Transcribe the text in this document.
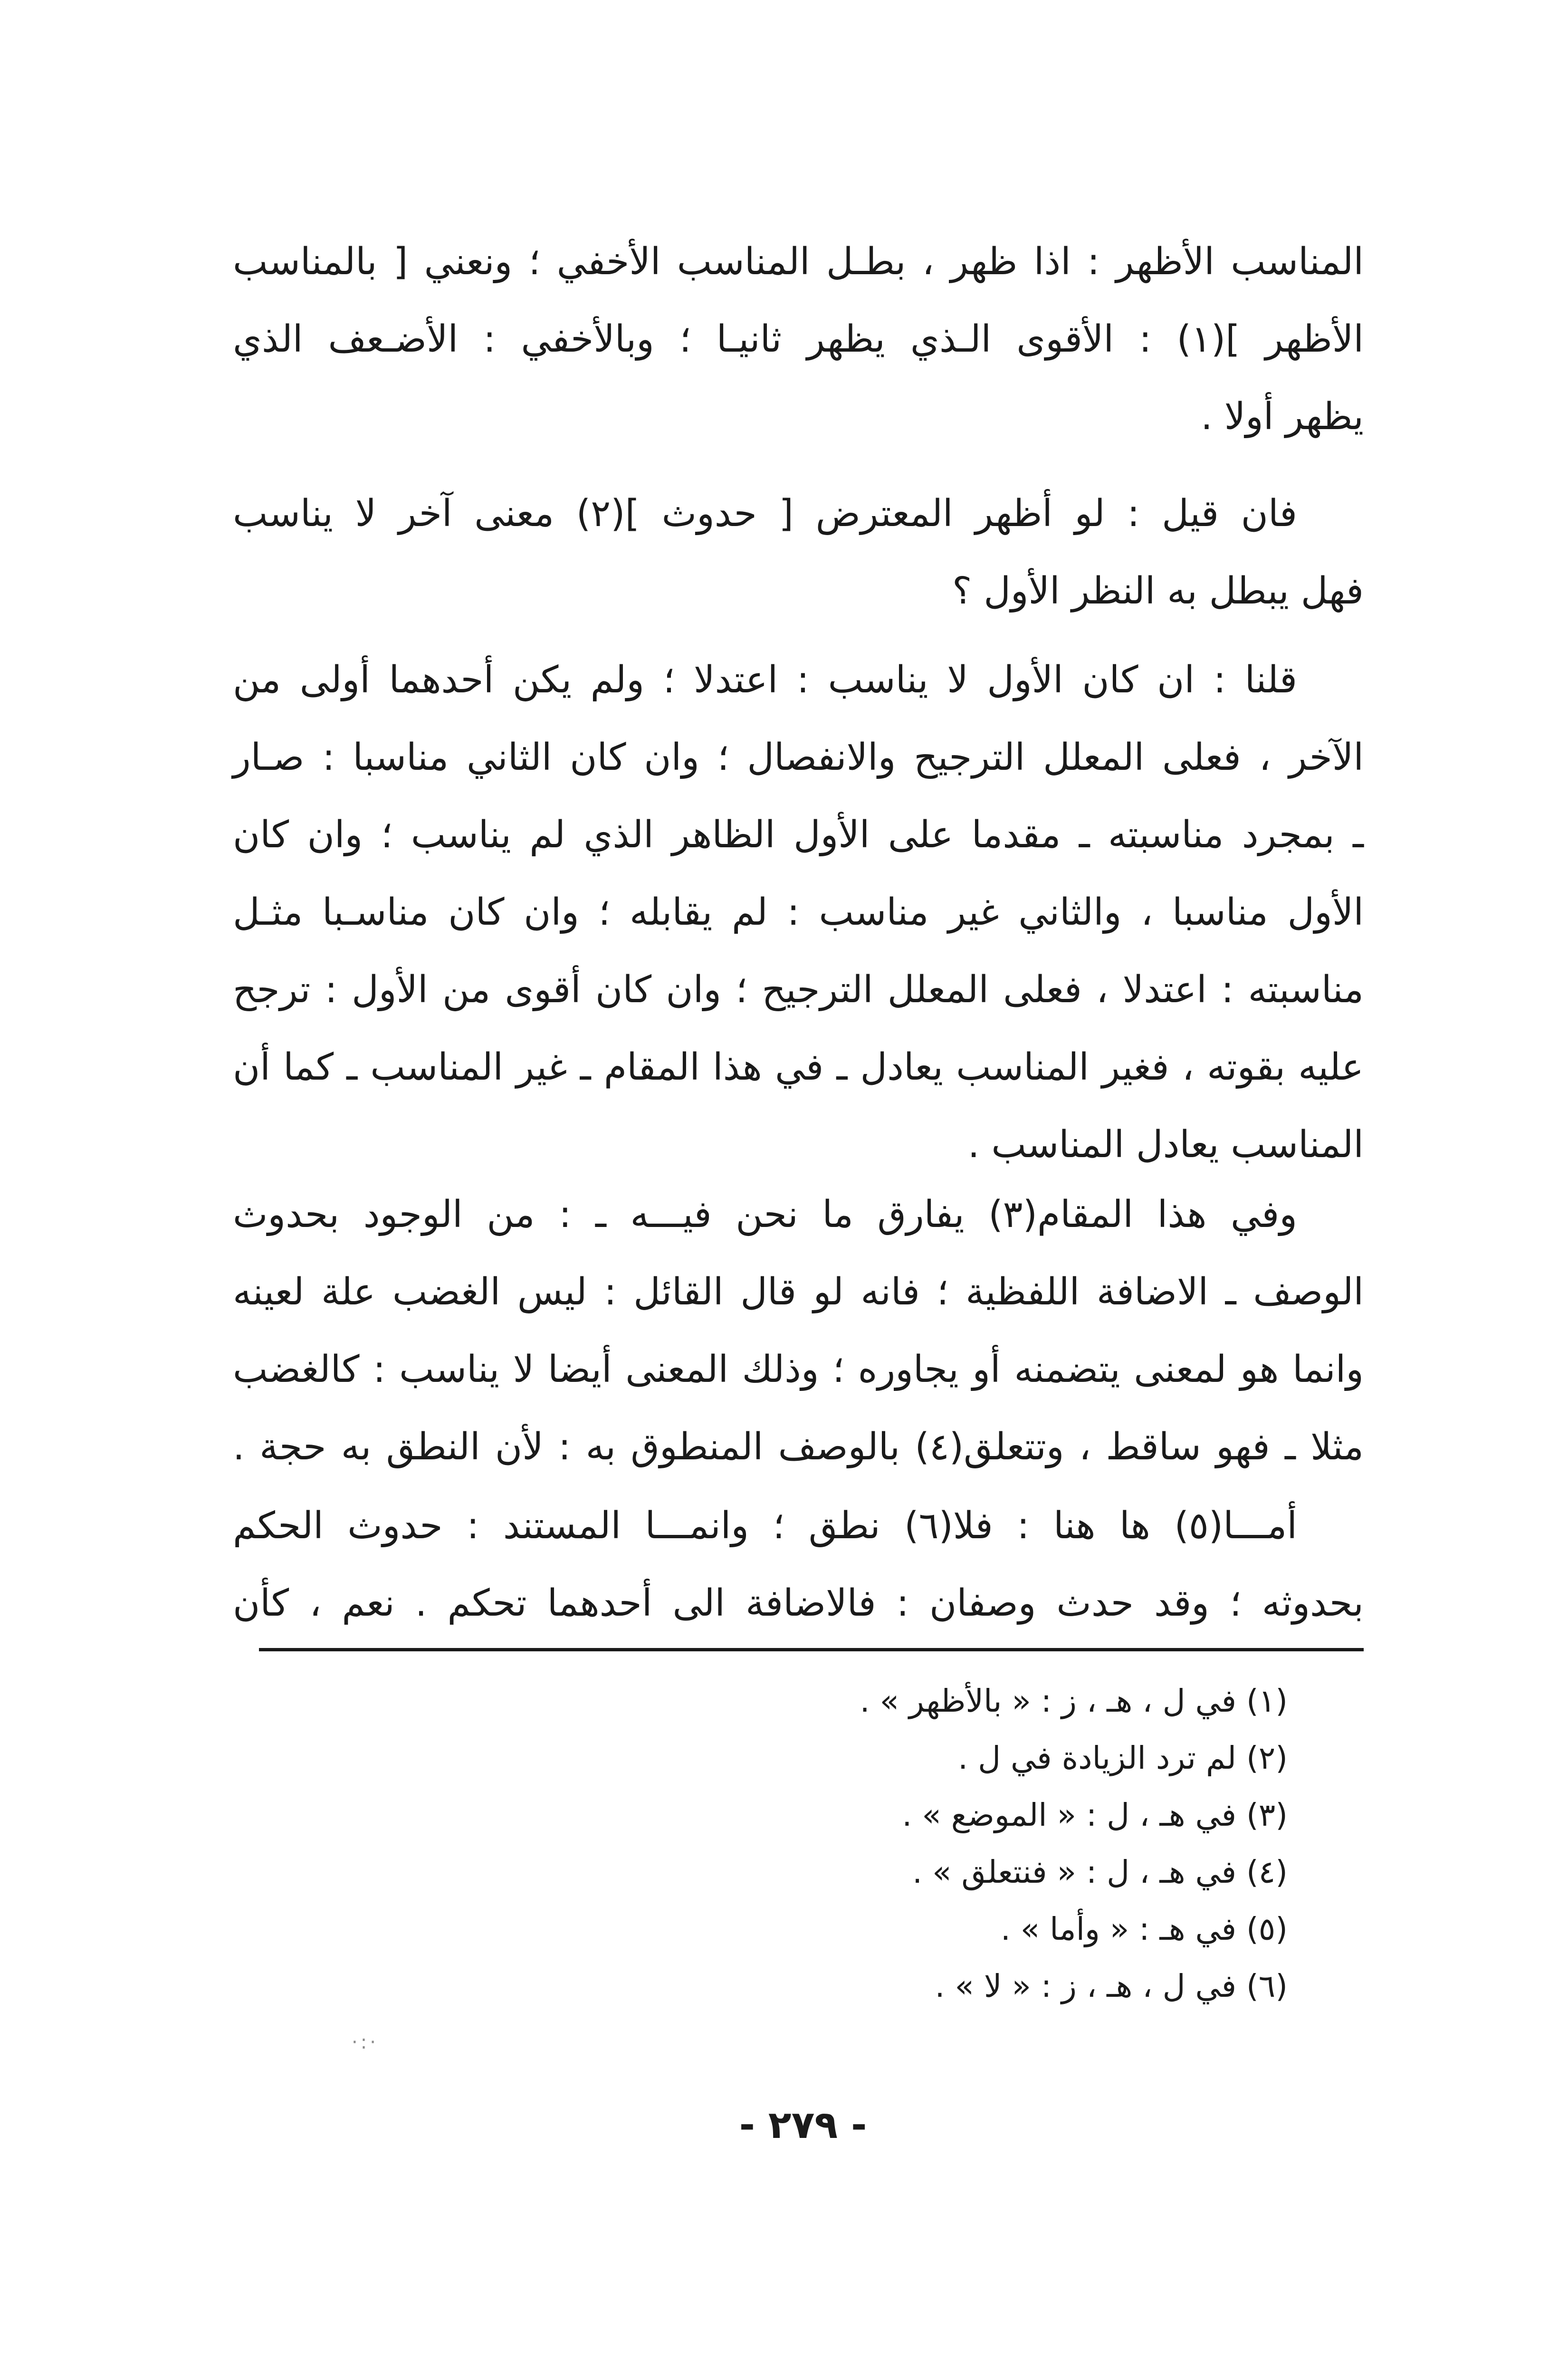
المناسب الأظهر : اذا ظهر ، بطـل المناسب الأخفي ؛ ونعني [ بالمناسب
الأظهر ](١) : الأقوى الـذي يظهر ثانيـا ؛ وبالأخفي : الأضـعف الذي
يظهر أولا .
فان قيل : لو أظهر المعترض [ حدوث ](٢) معنى آخر لا يناسب
فهل يبطل به النظر الأول ؟
قلنا : ان كان الأول لا يناسب : اعتدلا ؛ ولم يكن أحدهما أولى من
الآخر ، فعلى المعلل الترجيح والانفصال ؛ وان كان الثاني مناسبا : صـار
ـ بمجرد مناسبته ـ مقدما على الأول الظاهر الذي لم يناسب ؛ وان كان
الأول مناسبا ، والثاني غير مناسب : لم يقابله ؛ وان كان مناسـبا مثـل
مناسبته : اعتدلا ، فعلى المعلل الترجيح ؛ وان كان أقوى من الأول : ترجح
عليه بقوته ، فغير المناسب يعادل ـ في هذا المقام ـ غير المناسب ـ كما أن
المناسب يعادل المناسب .
وفي هذا المقام(٣) يفارق ما نحن فيـــه ـ : من الوجود بحدوث
الوصف ـ الاضافة اللفظية ؛ فانه لو قال القائل : ليس الغضب علة لعينه
وانما هو لمعنى يتضمنه أو يجاوره ؛ وذلك المعنى أيضا لا يناسب : كالغضب
مثلا ـ فهو ساقط ، وتتعلق(٤) بالوصف المنطوق به : لأن النطق به حجة .
أمـــا(٥) ها هنا : فلا(٦) نطق ؛ وانمـــا المستند : حدوث الحكم
بحدوثه ؛ وقد حدث وصفان : فالاضافة الى أحدهما تحكم . نعم ، كأن
(١) في ل ، هـ ، ز : « بالأظهر » .
(٢) لم ترد الزيادة في ل .
(٣) في هـ ، ل : « الموضع » .
(٤) في هـ ، ل : « فنتعلق » .
(٥) في هـ : « وأما » .
(٦) في ل ، هـ ، ز : « لا » .
·:·
- ٢٧٩ -
